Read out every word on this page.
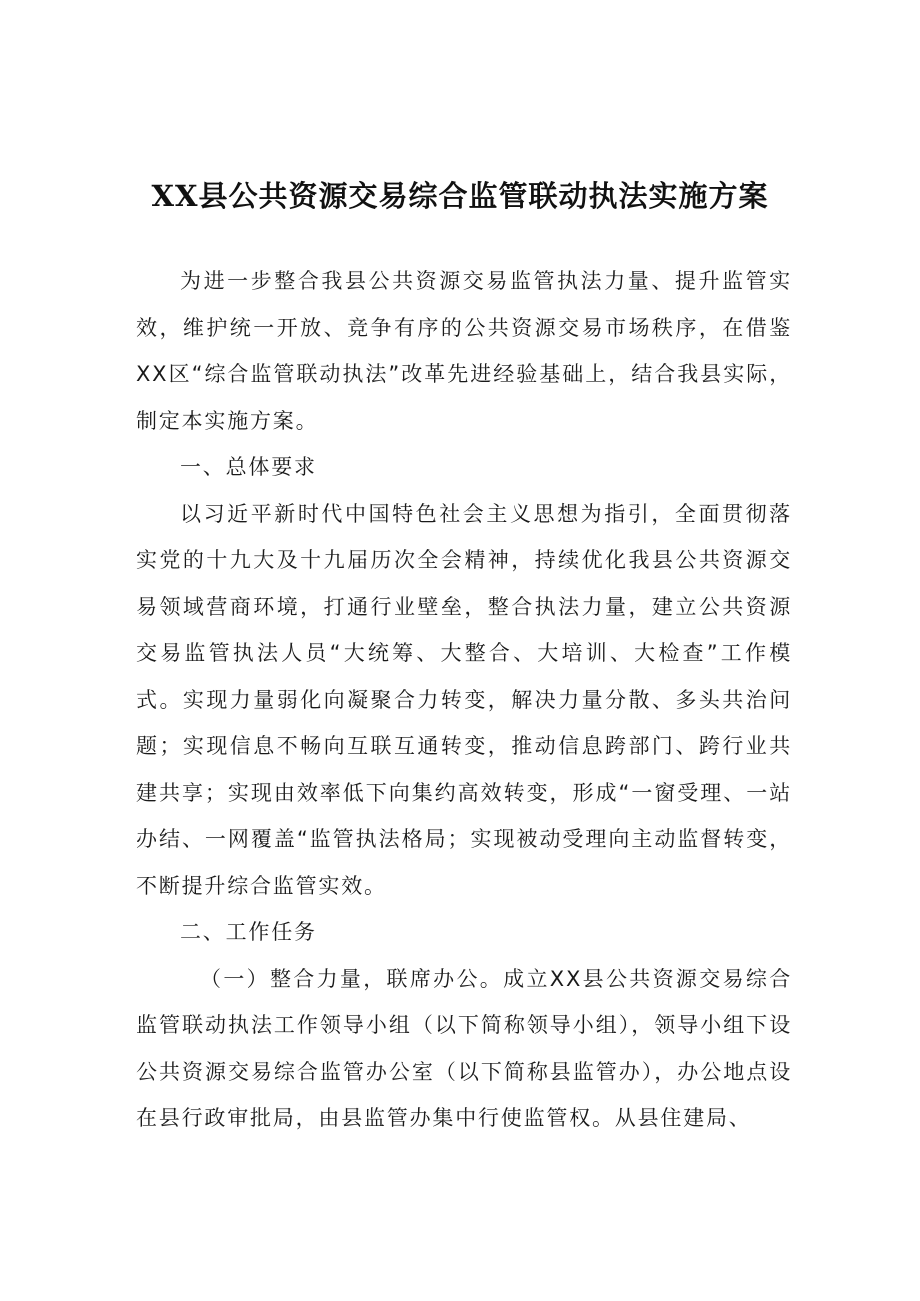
XX县公共资源交易综合监管联动执法实施方案

为进一步整合我县公共资源交易监管执法力量、提升监管实效，维护统一开放、竞争有序的公共资源交易市场秩序，在借鉴XX区“综合监管联动执法”改革先进经验基础上，结合我县实际，制定本实施方案。

一、总体要求

以习近平新时代中国特色社会主义思想为指引，全面贯彻落实党的十九大及十九届历次全会精神，持续优化我县公共资源交易领域营商环境，打通行业壁垒，整合执法力量，建立公共资源交易监管执法人员“大统筹、大整合、大培训、大检查”工作模式。实现力量弱化向凝聚合力转变，解决力量分散、多头共治问题；实现信息不畅向互联互通转变，推动信息跨部门、跨行业共建共享；实现由效率低下向集约高效转变，形成“一窗受理、一站办结、一网覆盖“监管执法格局；实现被动受理向主动监督转变，不断提升综合监管实效。

二、工作任务

（一）整合力量，联席办公。成立XX县公共资源交易综合监管联动执法工作领导小组（以下简称领导小组），领导小组下设公共资源交易综合监管办公室（以下简称县监管办），办公地点设在县行政审批局，由县监管办集中行使监管权。从县住建局、
